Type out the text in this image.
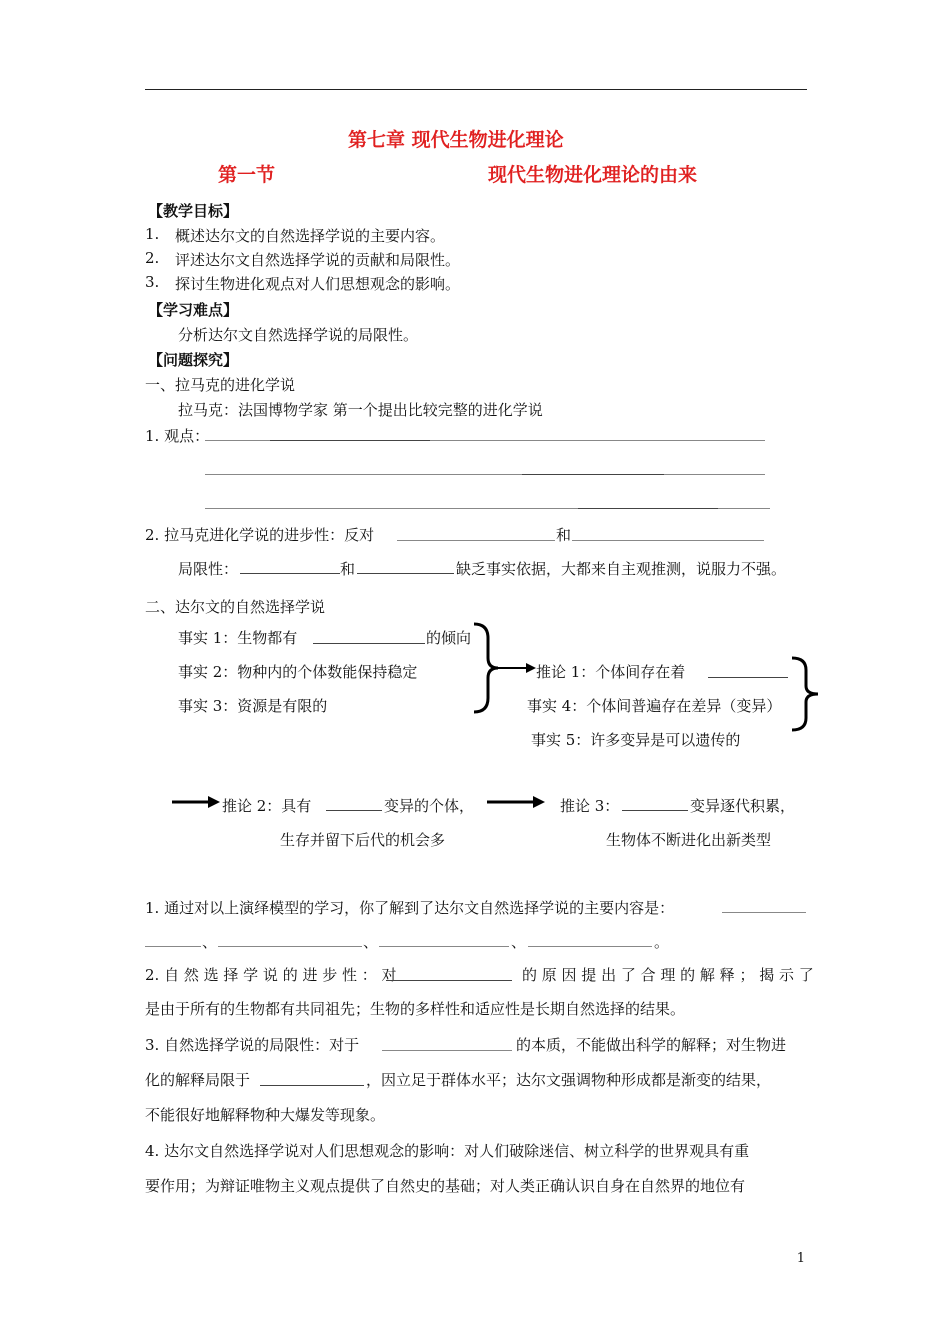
第七章 现代生物进化理论
第一节	现代生物进化理论的由来
【教学目标】
1. 概述达尔文的自然选择学说的主要内容。
2. 评述达尔文自然选择学说的贡献和局限性。
3. 探讨生物进化观点对人们思想观念的影响。
【学习难点】
分析达尔文自然选择学说的局限性。
【问题探究】
一、拉马克的进化学说
拉马克：法国博物学家 第一个提出比较完整的进化学说
1. 观点：
2. 拉马克进化学说的进步性：反对	和
局限性：	和	缺乏事实依据，大都来自主观推测，说服力不强。
二、达尔文的自然选择学说
事实 1：生物都有	的倾向
事实 2：物种内的个体数能保持稳定
事实 3：资源是有限的
推论 1：个体间存在着
事实 4：个体间普遍存在差异（变异）
事实 5：许多变异是可以遗传的
推论 2：具有	变异的个体，
生存并留下后代的机会多
推论 3：	变异逐代积累，
生物体不断进化出新类型
1. 通过对以上演绎模型的学习，你了解到了达尔文自然选择学说的主要内容是：
、	、	、	。
2. 自 然 选 择 学 说 的 进 步 性 ： 对	的 原 因 提 出 了 合 理 的 解 释 ； 揭 示 了
是由于所有的生物都有共同祖先；生物的多样性和适应性是长期自然选择的结果。
3. 自然选择学说的局限性：对于	的本质，不能做出科学的解释；对生物进
化的解释局限于	，因立足于群体水平；达尔文强调物种形成都是渐变的结果，
不能很好地解释物种大爆发等现象。
4. 达尔文自然选择学说对人们思想观念的影响：对人们破除迷信、树立科学的世界观具有重
要作用；为辩证唯物主义观点提供了自然史的基础；对人类正确认识自身在自然界的地位有
1
